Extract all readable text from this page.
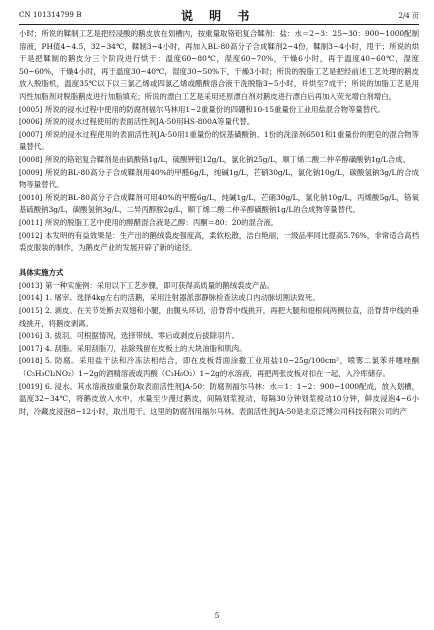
CN 101314799 B	说 明 书	2/4 页

小时；所说的鞣制工艺是把经浸酸的鹅皮放在划槽内，按重量取铬铝复合鞣剂：盐：水＝2~3：25~30：900~1000配制溶液，PH值4~4.5，32~34℃，鞣制3~4小时，再加入BL-80高分子合成鞣剂2~4份，鞣制3~4小时，甩干；所说的烘干是把鞣制的鹅皮分三个阶段进行烘干：温度60~80℃，湿度60~70%，干燥6小时，再于温度40~60℃，湿度50~60%，干燥4小时，再于温度30~40℃，湿度30~50%下，干燥3小时；所说的脱脂工艺是把经前述工艺处理的鹅皮放入脱脂机，温度35℃以下以三氯乙烯或四氯乙烯或醋酸溶合液干洗脱脂3~5小时，并烘至7成干；所说的加脂工艺是用丙性加脂剂对脱脂鹅皮进行加脂填充；所说的漂白工艺是采用还原漂白剂对鹅皮进行漂白后再加入荧光增白剂增白。

[0005] 所说的浸水过程中使用的防腐剂福尔马林用1~2重量份的四硼和10-15重量份工业用盐混合物等量替代。

[0006] 所说的浸水过程使用的表面活性剂JA-50用HS-800A等量代替。

[0007] 所说的浸水过程使用的表面活性剂JA-50用1重量份的烷基磺酸钠、1份的洗涤剂6501和1重量份的肥皂的混合物等量替代。

[0008] 所说的铬铝复合鞣剂是由硫酸铬1g/L，硫酸钾铝12g/L，氯化钠25g/L，顺丁烯二酸二仲辛醇磺酸钠1g/L合成。

[0009] 所说的BL-80高分子合成鞣剂用40%的甲醛6g/L，纯碱1g/L，芒硝30g/L，氯化钠10g/L，碳酸氢钠3g/L的合成物等量替代。

[0010] 所说的BL-80高分子合成鞣剂可用40%的甲醛6g/L，纯碱1g/L，芒硝30g/L，氯化钠10g/L，丙烯酸5g/L，铬氧基硫酸钠3g/L，碳酸氢钠3g/L，二异丙醇胺2g/L，顺丁烯二酸二仲辛醇磺酸钠1g/L的合成物等量替代。

[0011] 所说的脱脂工艺中使用的醇醋混合液是乙醇：丙酮＝80：20的混合液。

[0012] 本发明的有益效果是：生产出的鹅绒裘皮强度高，柔软松散，洁白艳丽，一级品率同比提高5.76%，非常适合高档裘皮服装的制作，为鹅皮产业的发展开辟了新的途径。

具体实施方式

[0013] 第一种实施例：采用以下工艺步骤，即可获得高质量的鹅绒裘皮产品。

[0014] 1. 屠宰。选择4kg左右的活鹅，采用注射器派部静脉检查法或口内动脉切割法致死。

[0015] 2. 剥皮。在关节处断去双翅和小腿，由腹头环切，沿脊背中线挑开，再把大腿和翅根间两侧拉直，沿脊背中线的垂线挑开，将鹅皮剥离。

[0016] 3. 拔羽。可根据情况，选择带绒、零后或剥皮后拔除羽片。

[0017] 4. 刮脂。采用刮脂刀，祛除残留在皮板上的大块油脂和肌肉。

[0018] 5. 防腐。采用盐干法和冷冻法相结合，即在皮板背面涂撒工业用盐10~25g/100cm²，喷雾二氯苯并噻唑酮（C₅H₃Cl₂NO₂）1~2g的酒精溶液或丙酸（C₃H₆O₂）1~2g的水溶液，再把两张皮板对扣在一起，入冷库储存。

[0019] 6. 浸水。其水溶液按重量份取表面活性剂JA-50：防腐剂福尔马林：水＝1：1~2：900~1000配成，放入划槽，温度32~34℃，将鹅皮放入水中，水量至少漫过鹅皮，间隔划浆搅动，每隔30分钟划浆搅动10分钟，鲜皮浸泡4~6小时，冷藏皮浸泡8~12小时，取出甩干。这里的防腐剂用福尔马林。表面活性剂JA-50是北京泛博公司科技有限公司的产

5
